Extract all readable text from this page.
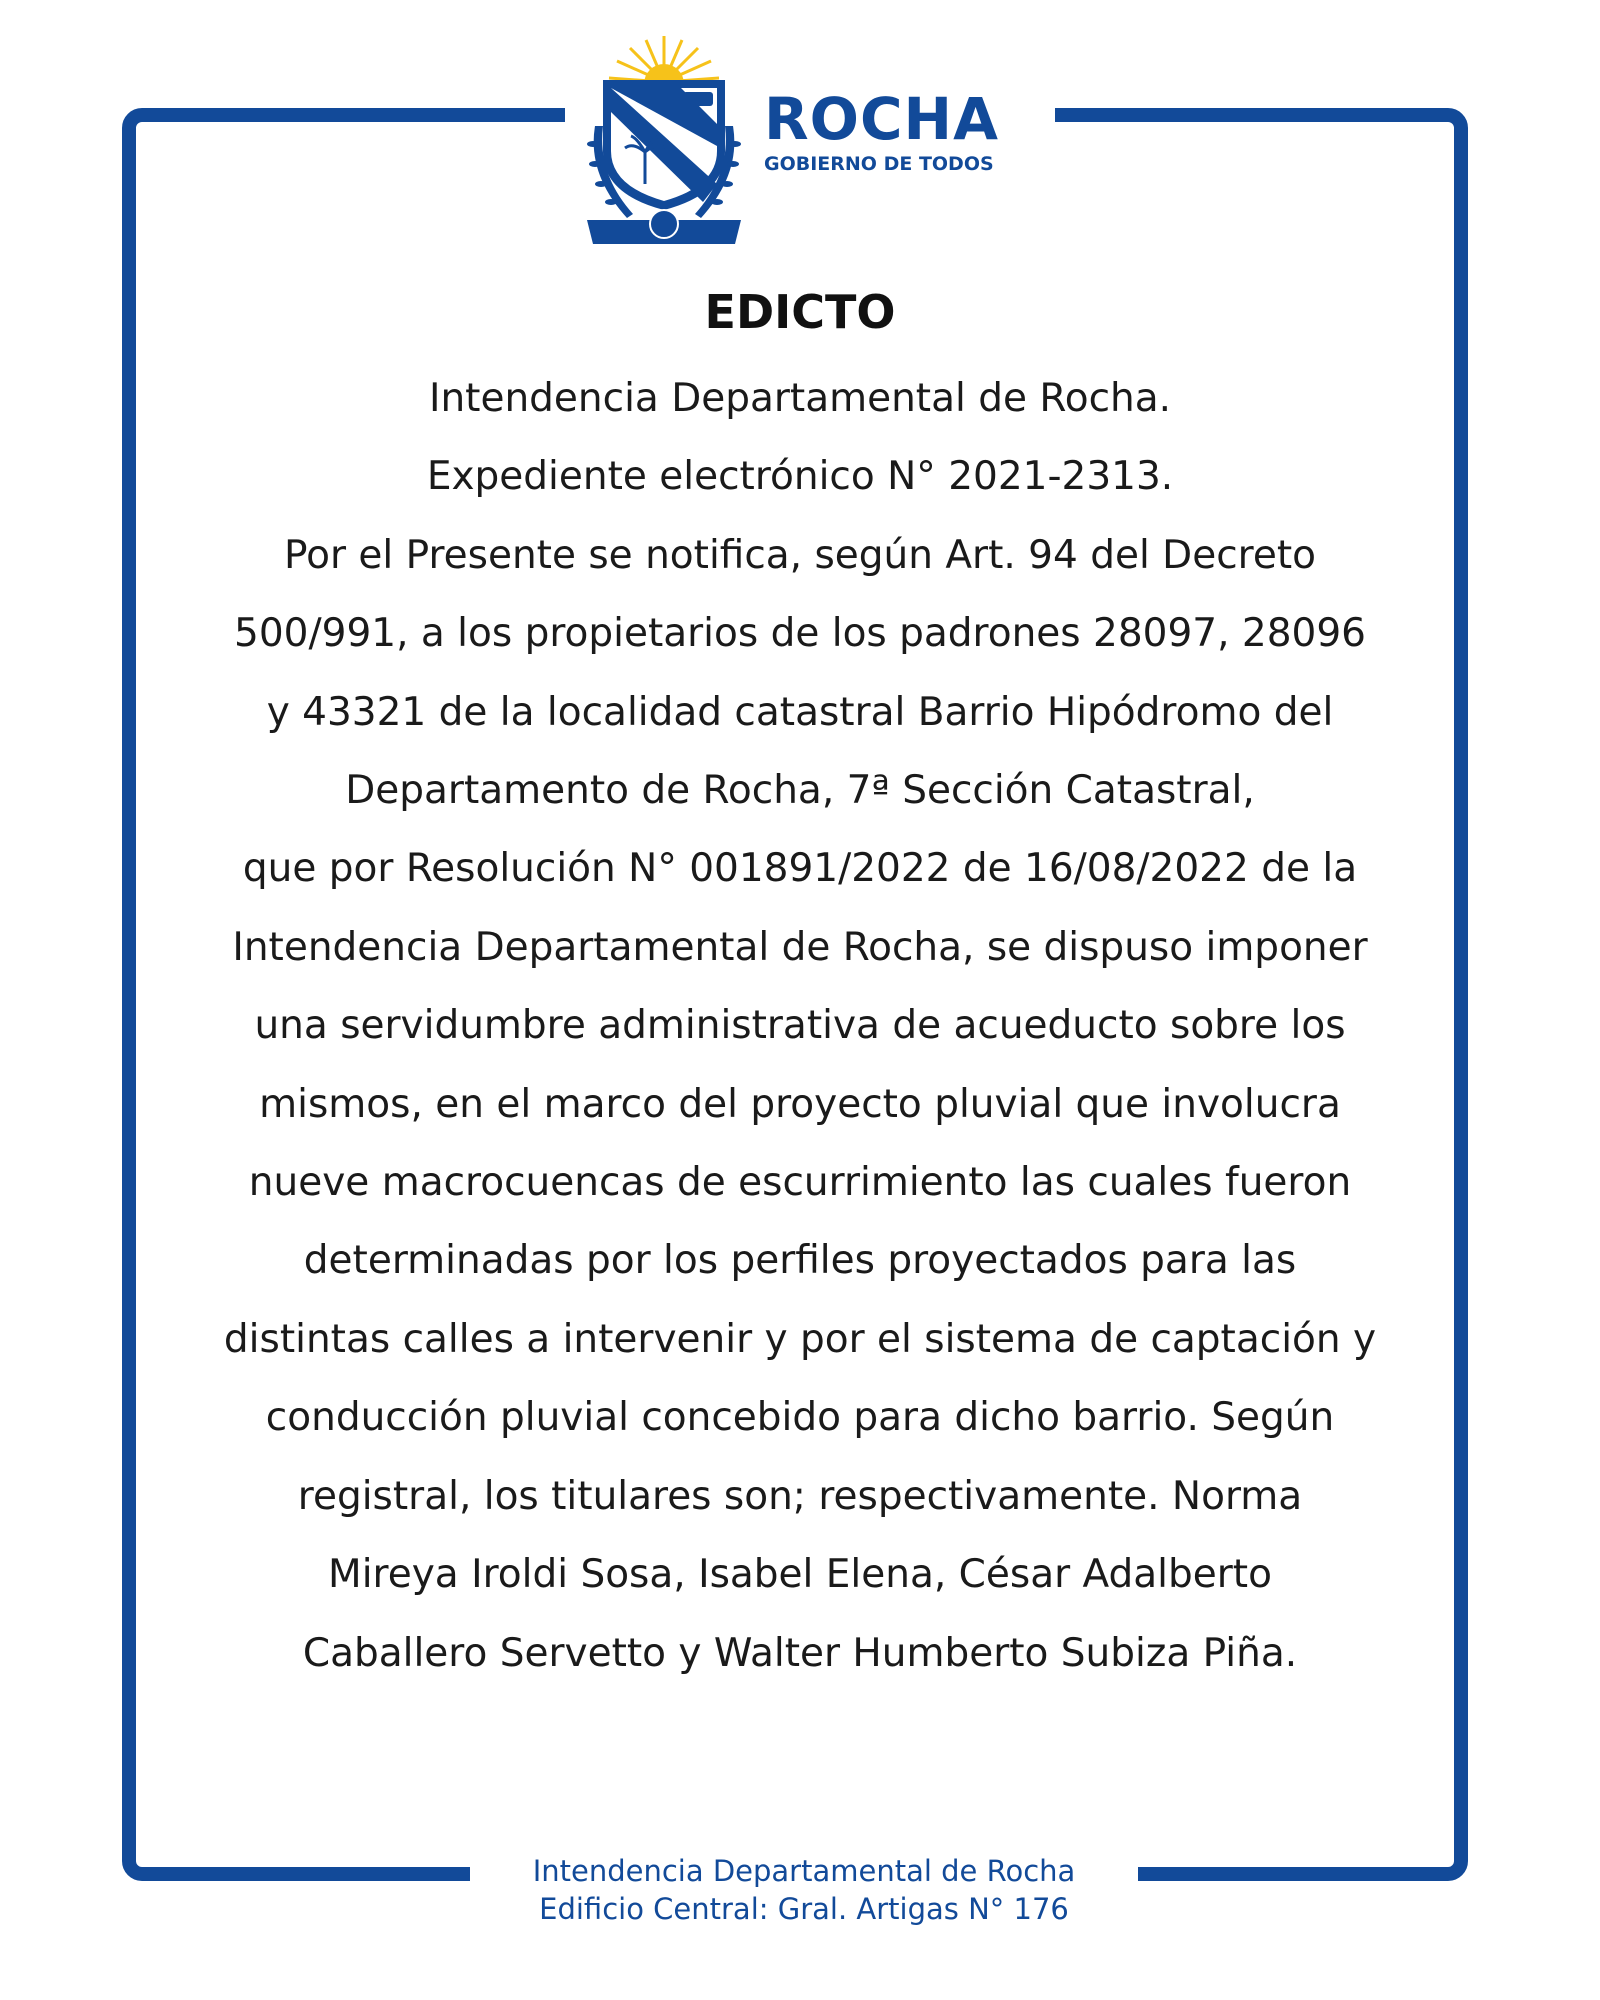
ROCHA
GOBIERNO DE TODOS
EDICTO
Intendencia Departamental de Rocha.
Expediente electrónico N° 2021-2313.
Por el Presente se notifica, según Art. 94 del Decreto
500/991, a los propietarios de los padrones 28097, 28096
y 43321 de la localidad catastral Barrio Hipódromo del
Departamento de Rocha, 7ª Sección Catastral,
que por Resolución N° 001891/2022 de 16/08/2022 de la
Intendencia Departamental de Rocha, se dispuso imponer
una servidumbre administrativa de acueducto sobre los
mismos, en el marco del proyecto pluvial que involucra
nueve macrocuencas de escurrimiento las cuales fueron
determinadas por los perfiles proyectados para las
distintas calles a intervenir y por el sistema de captación y
conducción pluvial concebido para dicho barrio. Según
registral, los titulares son; respectivamente. Norma
Mireya Iroldi Sosa, Isabel Elena, César Adalberto
Caballero Servetto y Walter Humberto Subiza Piña.
Intendencia Departamental de Rocha
Edificio Central: Gral. Artigas N° 176
